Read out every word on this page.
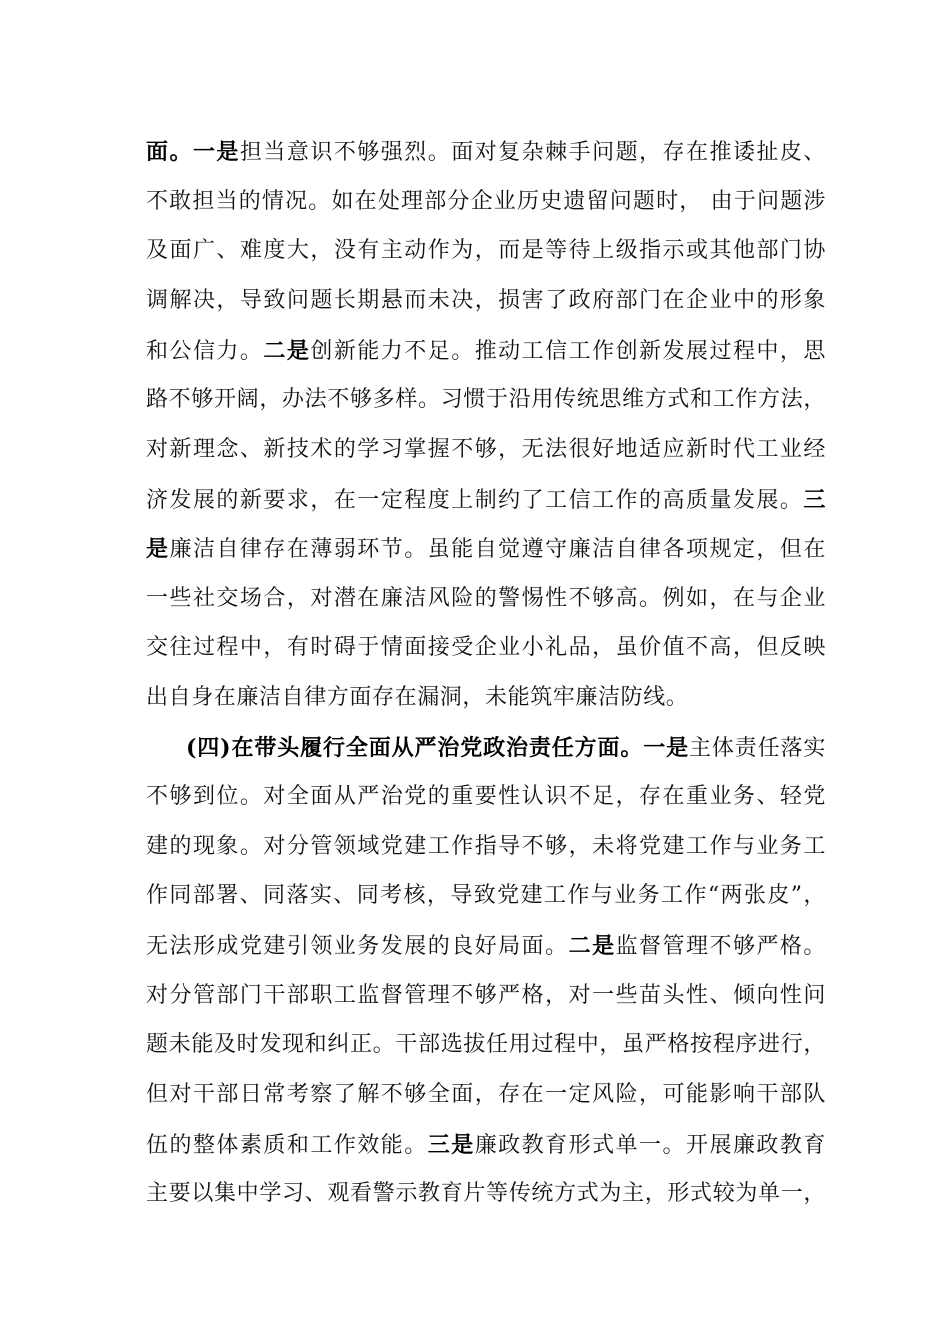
面。一是担当意识不够强烈。面对复杂棘手问题，存在推诿扯皮、

不敢担当的情况。如在处理部分企业历史遗留问题时， 由于问题涉

及面广、难度大，没有主动作为，而是等待上级指示或其他部门协

调解决，导致问题长期悬而未决，损害了政府部门在企业中的形象

和公信力。二是创新能力不足。推动工信工作创新发展过程中，思

路不够开阔，办法不够多样。习惯于沿用传统思维方式和工作方法，

对新理念、新技术的学习掌握不够，无法很好地适应新时代工业经

济发展的新要求，在一定程度上制约了工信工作的高质量发展。三

是廉洁自律存在薄弱环节。虽能自觉遵守廉洁自律各项规定，但在

一些社交场合，对潜在廉洁风险的警惕性不够高。例如，在与企业

交往过程中，有时碍于情面接受企业小礼品，虽价值不高，但反映

出自身在廉洁自律方面存在漏洞，未能筑牢廉洁防线。

(四)在带头履行全面从严治党政治责任方面。一是主体责任落实

不够到位。对全面从严治党的重要性认识不足，存在重业务、轻党

建的现象。对分管领域党建工作指导不够，未将党建工作与业务工

作同部署、同落实、同考核，导致党建工作与业务工作“两张皮”，

无法形成党建引领业务发展的良好局面。二是监督管理不够严格。

对分管部门干部职工监督管理不够严格，对一些苗头性、倾向性问

题未能及时发现和纠正。干部选拔任用过程中，虽严格按程序进行，

但对干部日常考察了解不够全面，存在一定风险，可能影响干部队

伍的整体素质和工作效能。三是廉政教育形式单一。开展廉政教育

主要以集中学习、观看警示教育片等传统方式为主，形式较为单一，
